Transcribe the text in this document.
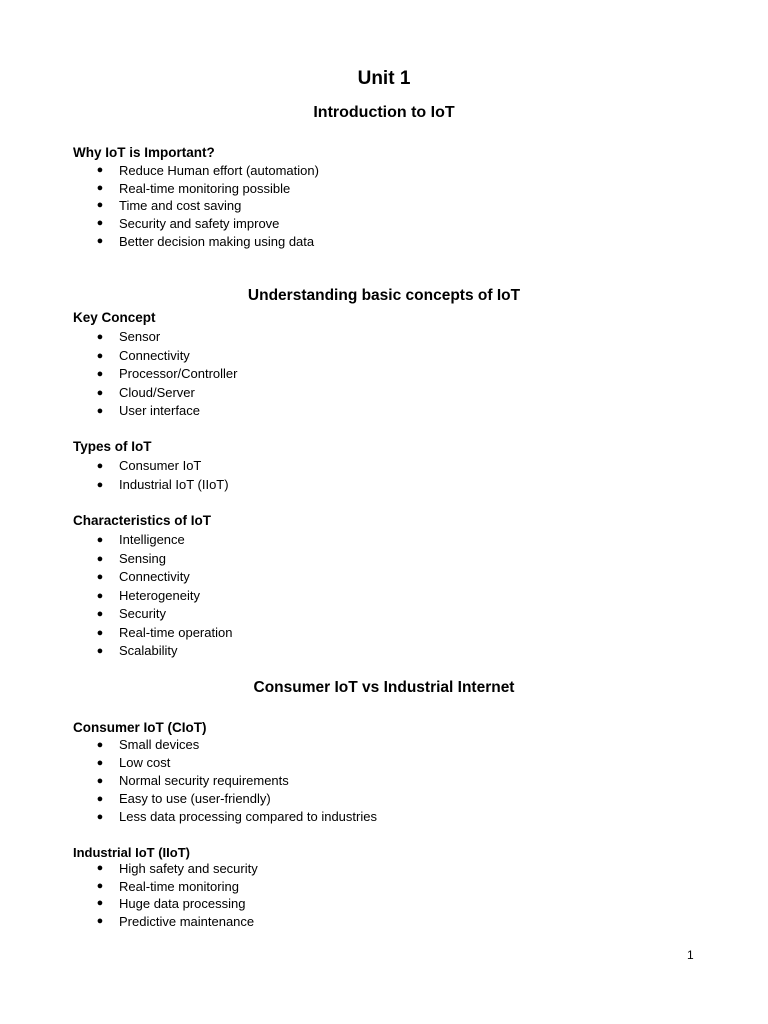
Unit 1
Introduction to IoT
Why IoT is Important?
● Reduce Human effort (automation)
● Real-time monitoring possible
● Time and cost saving
● Security and safety improve
● Better decision making using data
Understanding basic concepts of IoT
Key Concept
● Sensor
● Connectivity
● Processor/Controller
● Cloud/Server
● User interface
Types of IoT
● Consumer IoT
● Industrial IoT (IIoT)
Characteristics of IoT
● Intelligence
● Sensing
● Connectivity
● Heterogeneity
● Security
● Real-time operation
● Scalability
Consumer IoT vs Industrial Internet
Consumer IoT (CIoT)
● Small devices
● Low cost
● Normal security requirements
● Easy to use (user-friendly)
● Less data processing compared to industries
Industrial IoT (IIoT)
● High safety and security
● Real-time monitoring
● Huge data processing
● Predictive maintenance
1
